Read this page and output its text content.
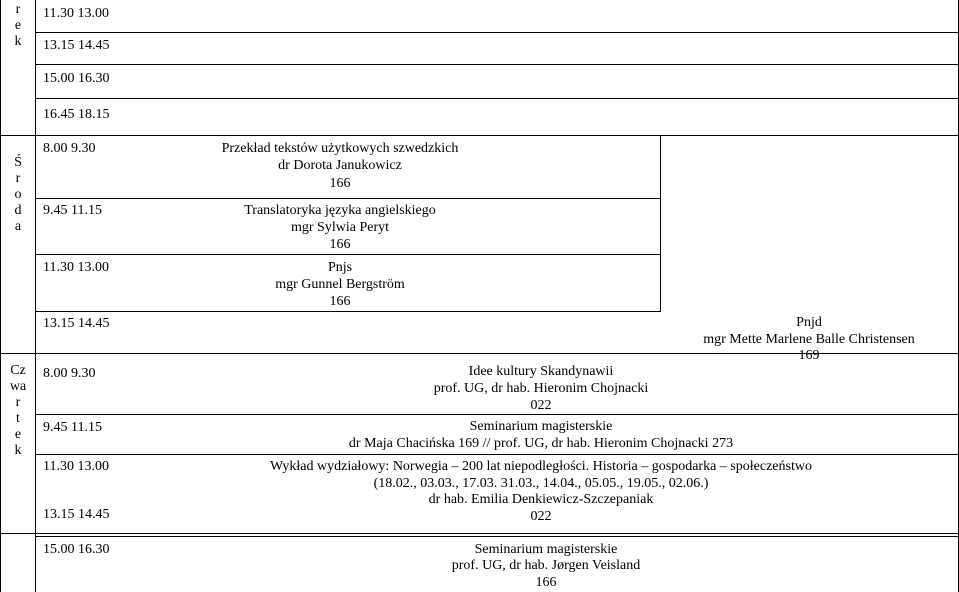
r
e
k
Ś
r
o
d
a
Cz
wa
r
t
e
k
11.30 13.00
13.15 14.45
15.00 16.30
16.45 18.15
8.00 9.30
9.45 11.15
11.30 13.00
13.15 14.45
8.00 9.30
9.45 11.15
11.30 13.00
13.15 14.45
15.00 16.30
Przekład tekstów użytkowych szwedzkich
dr Dorota Janukowicz
166
Translatoryka języka angielskiego
mgr Sylwia Peryt
166
Pnjs
mgr Gunnel Bergström
166
Pnjd
mgr Mette Marlene Balle Christensen
169
Idee kultury Skandynawii
prof. UG, dr hab. Hieronim Chojnacki
022
Seminarium magisterskie
dr Maja Chacińska 169 // prof. UG, dr hab. Hieronim Chojnacki 273
Wykład wydziałowy: Norwegia – 200 lat niepodległości. Historia – gospodarka – społeczeństwo
(18.02., 03.03., 17.03. 31.03., 14.04., 05.05., 19.05., 02.06.)
dr hab. Emilia Denkiewicz-Szczepaniak
022
Seminarium magisterskie
prof. UG, dr hab. Jørgen Veisland
166
